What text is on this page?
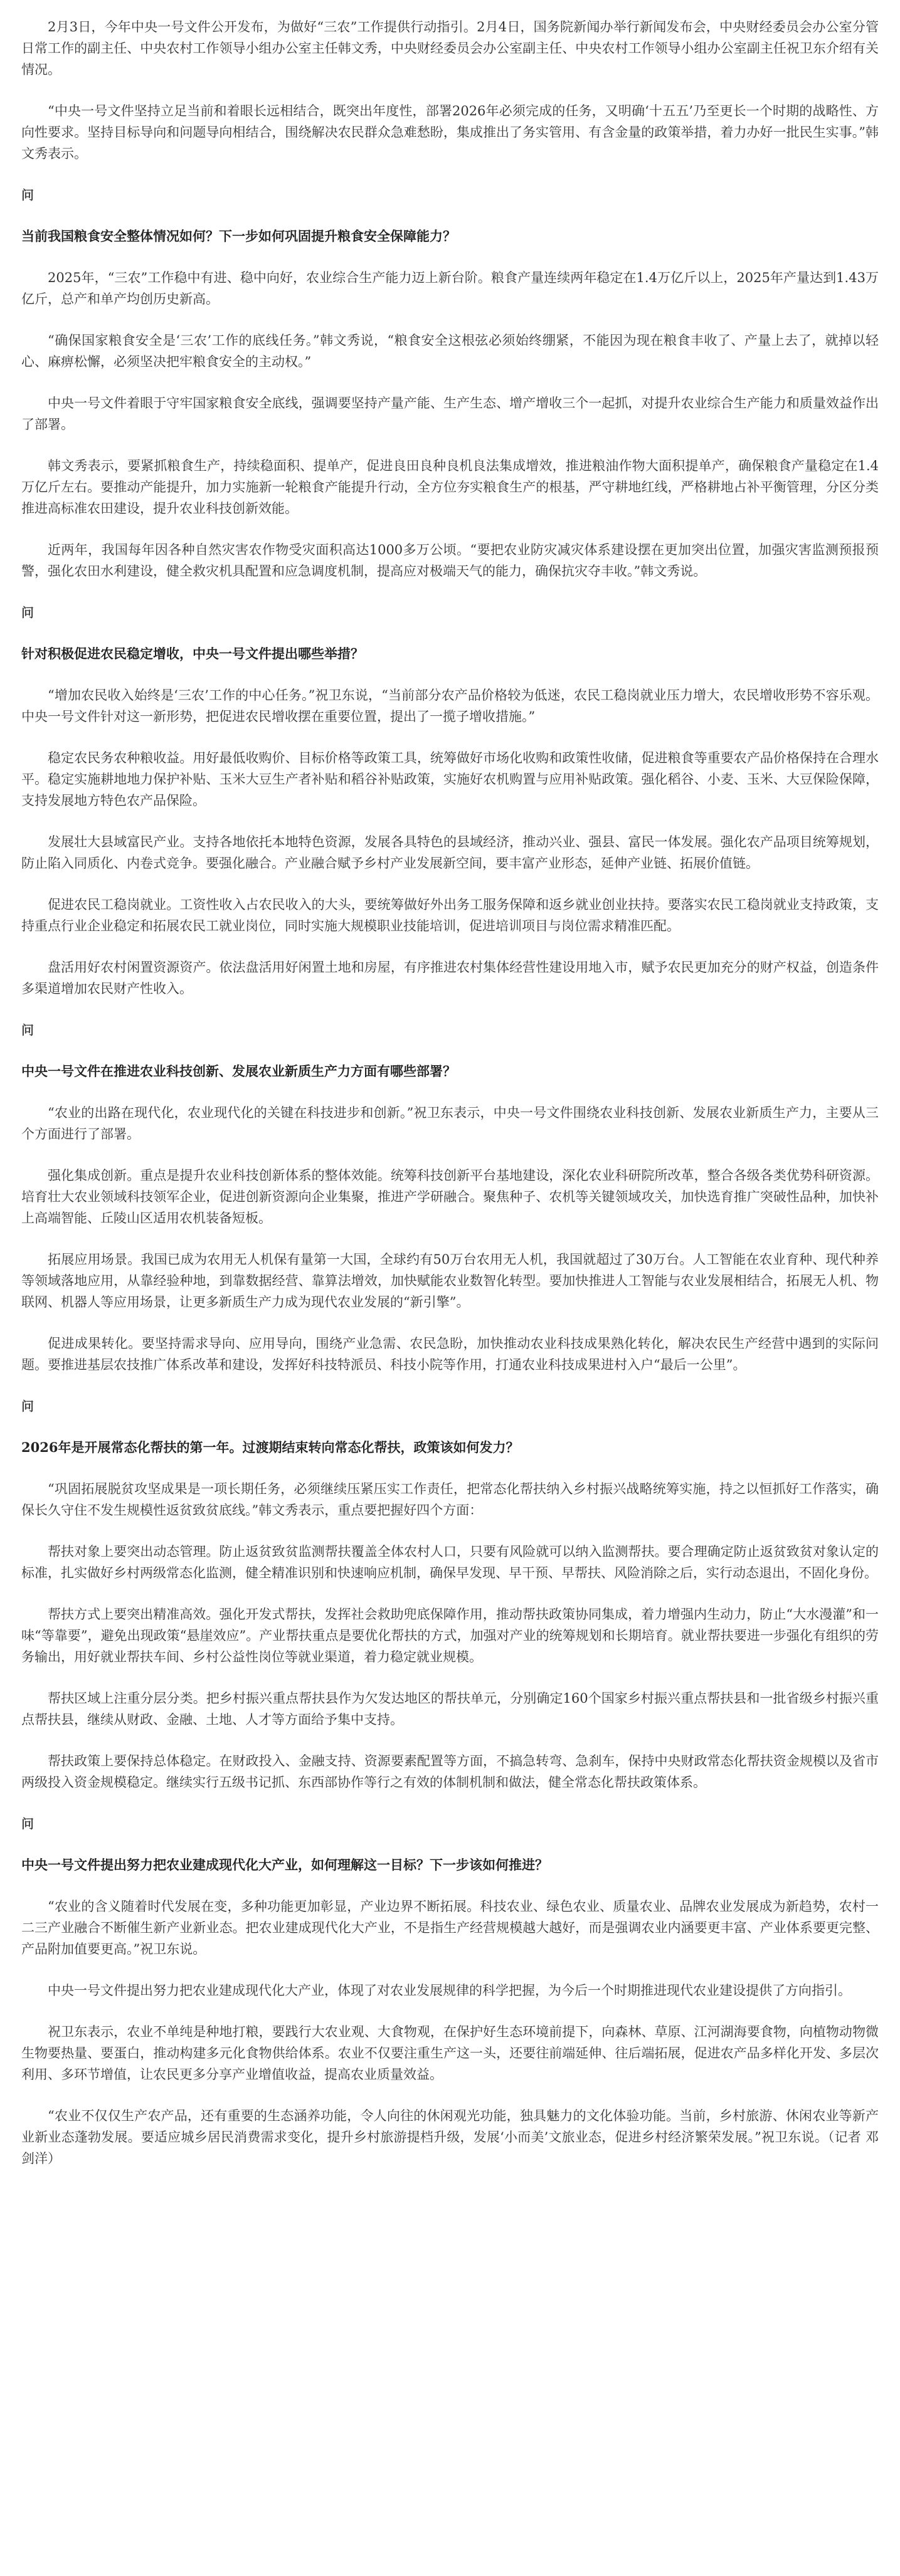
2月3日，今年中央一号文件公开发布，为做好“三农”工作提供行动指引。2月4日，国务院新闻办举行新闻发布会，中央财经委员会办公室分管日常工作的副主任、中央农村工作领导小组办公室主任韩文秀，中央财经委员会办公室副主任、中央农村工作领导小组办公室副主任祝卫东介绍有关情况。

“中央一号文件坚持立足当前和着眼长远相结合，既突出年度性，部署2026年必须完成的任务，又明确‘十五五’乃至更长一个时期的战略性、方向性要求。坚持目标导向和问题导向相结合，围绕解决农民群众急难愁盼，集成推出了务实管用、有含金量的政策举措，着力办好一批民生实事。”韩文秀表示。

问

当前我国粮食安全整体情况如何？下一步如何巩固提升粮食安全保障能力？

2025年，“三农”工作稳中有进、稳中向好，农业综合生产能力迈上新台阶。粮食产量连续两年稳定在1.4万亿斤以上，2025年产量达到1.43万亿斤，总产和单产均创历史新高。

“确保国家粮食安全是‘三农’工作的底线任务。”韩文秀说，“粮食安全这根弦必须始终绷紧，不能因为现在粮食丰收了、产量上去了，就掉以轻心、麻痹松懈，必须坚决把牢粮食安全的主动权。”

中央一号文件着眼于守牢国家粮食安全底线，强调要坚持产量产能、生产生态、增产增收三个一起抓，对提升农业综合生产能力和质量效益作出了部署。

韩文秀表示，要紧抓粮食生产，持续稳面积、提单产，促进良田良种良机良法集成增效，推进粮油作物大面积提单产，确保粮食产量稳定在1.4万亿斤左右。要推动产能提升，加力实施新一轮粮食产能提升行动，全方位夯实粮食生产的根基，严守耕地红线，严格耕地占补平衡管理，分区分类推进高标准农田建设，提升农业科技创新效能。

近两年，我国每年因各种自然灾害农作物受灾面积高达1000多万公顷。“要把农业防灾减灾体系建设摆在更加突出位置，加强灾害监测预报预警，强化农田水利建设，健全救灾机具配置和应急调度机制，提高应对极端天气的能力，确保抗灾夺丰收。”韩文秀说。

问

针对积极促进农民稳定增收，中央一号文件提出哪些举措？

“增加农民收入始终是‘三农’工作的中心任务。”祝卫东说，“当前部分农产品价格较为低迷，农民工稳岗就业压力增大，农民增收形势不容乐观。中央一号文件针对这一新形势，把促进农民增收摆在重要位置，提出了一揽子增收措施。”

稳定农民务农种粮收益。用好最低收购价、目标价格等政策工具，统筹做好市场化收购和政策性收储，促进粮食等重要农产品价格保持在合理水平。稳定实施耕地地力保护补贴、玉米大豆生产者补贴和稻谷补贴政策，实施好农机购置与应用补贴政策。强化稻谷、小麦、玉米、大豆保险保障，支持发展地方特色农产品保险。

发展壮大县域富民产业。支持各地依托本地特色资源，发展各具特色的县域经济，推动兴业、强县、富民一体发展。强化农产品项目统筹规划，防止陷入同质化、内卷式竞争。要强化融合。产业融合赋予乡村产业发展新空间，要丰富产业形态，延伸产业链、拓展价值链。

促进农民工稳岗就业。工资性收入占农民收入的大头，要统筹做好外出务工服务保障和返乡就业创业扶持。要落实农民工稳岗就业支持政策，支持重点行业企业稳定和拓展农民工就业岗位，同时实施大规模职业技能培训，促进培训项目与岗位需求精准匹配。

盘活用好农村闲置资源资产。依法盘活用好闲置土地和房屋，有序推进农村集体经营性建设用地入市，赋予农民更加充分的财产权益，创造条件多渠道增加农民财产性收入。

问

中央一号文件在推进农业科技创新、发展农业新质生产力方面有哪些部署？

“农业的出路在现代化，农业现代化的关键在科技进步和创新。”祝卫东表示，中央一号文件围绕农业科技创新、发展农业新质生产力，主要从三个方面进行了部署。

强化集成创新。重点是提升农业科技创新体系的整体效能。统筹科技创新平台基地建设，深化农业科研院所改革，整合各级各类优势科研资源。培育壮大农业领域科技领军企业，促进创新资源向企业集聚，推进产学研融合。聚焦种子、农机等关键领域攻关，加快选育推广突破性品种，加快补上高端智能、丘陵山区适用农机装备短板。

拓展应用场景。我国已成为农用无人机保有量第一大国，全球约有50万台农用无人机，我国就超过了30万台。人工智能在农业育种、现代种养等领域落地应用，从靠经验种地，到靠数据经营、靠算法增效，加快赋能农业数智化转型。要加快推进人工智能与农业发展相结合，拓展无人机、物联网、机器人等应用场景，让更多新质生产力成为现代农业发展的“新引擎”。

促进成果转化。要坚持需求导向、应用导向，围绕产业急需、农民急盼，加快推动农业科技成果熟化转化，解决农民生产经营中遇到的实际问题。要推进基层农技推广体系改革和建设，发挥好科技特派员、科技小院等作用，打通农业科技成果进村入户“最后一公里”。

问

2026年是开展常态化帮扶的第一年。过渡期结束转向常态化帮扶，政策该如何发力？

“巩固拓展脱贫攻坚成果是一项长期任务，必须继续压紧压实工作责任，把常态化帮扶纳入乡村振兴战略统筹实施，持之以恒抓好工作落实，确保长久守住不发生规模性返贫致贫底线。”韩文秀表示，重点要把握好四个方面：

帮扶对象上要突出动态管理。防止返贫致贫监测帮扶覆盖全体农村人口，只要有风险就可以纳入监测帮扶。要合理确定防止返贫致贫对象认定的标准，扎实做好乡村两级常态化监测，健全精准识别和快速响应机制，确保早发现、早干预、早帮扶、风险消除之后，实行动态退出，不固化身份。

帮扶方式上要突出精准高效。强化开发式帮扶，发挥社会救助兜底保障作用，推动帮扶政策协同集成，着力增强内生动力，防止“大水漫灌”和一味“等靠要”，避免出现政策“悬崖效应”。产业帮扶重点是要优化帮扶的方式，加强对产业的统筹规划和长期培育。就业帮扶要进一步强化有组织的劳务输出，用好就业帮扶车间、乡村公益性岗位等就业渠道，着力稳定就业规模。

帮扶区域上注重分层分类。把乡村振兴重点帮扶县作为欠发达地区的帮扶单元，分别确定160个国家乡村振兴重点帮扶县和一批省级乡村振兴重点帮扶县，继续从财政、金融、土地、人才等方面给予集中支持。

帮扶政策上要保持总体稳定。在财政投入、金融支持、资源要素配置等方面，不搞急转弯、急刹车，保持中央财政常态化帮扶资金规模以及省市两级投入资金规模稳定。继续实行五级书记抓、东西部协作等行之有效的体制机制和做法，健全常态化帮扶政策体系。

问

中央一号文件提出努力把农业建成现代化大产业，如何理解这一目标？下一步该如何推进？

“农业的含义随着时代发展在变，多种功能更加彰显，产业边界不断拓展。科技农业、绿色农业、质量农业、品牌农业发展成为新趋势，农村一二三产业融合不断催生新产业新业态。把农业建成现代化大产业，不是指生产经营规模越大越好，而是强调农业内涵要更丰富、产业体系要更完整、产品附加值要更高。”祝卫东说。

中央一号文件提出努力把农业建成现代化大产业，体现了对农业发展规律的科学把握，为今后一个时期推进现代农业建设提供了方向指引。

祝卫东表示，农业不单纯是种地打粮，要践行大农业观、大食物观，在保护好生态环境前提下，向森林、草原、江河湖海要食物，向植物动物微生物要热量、要蛋白，推动构建多元化食物供给体系。农业不仅要注重生产这一头，还要往前端延伸、往后端拓展，促进农产品多样化开发、多层次利用、多环节增值，让农民更多分享产业增值收益，提高农业质量效益。

“农业不仅仅生产农产品，还有重要的生态涵养功能，令人向往的休闲观光功能，独具魅力的文化体验功能。当前，乡村旅游、休闲农业等新产业新业态蓬勃发展。要适应城乡居民消费需求变化，提升乡村旅游提档升级，发展‘小而美’文旅业态，促进乡村经济繁荣发展。”祝卫东说。（记者 邓剑洋）
